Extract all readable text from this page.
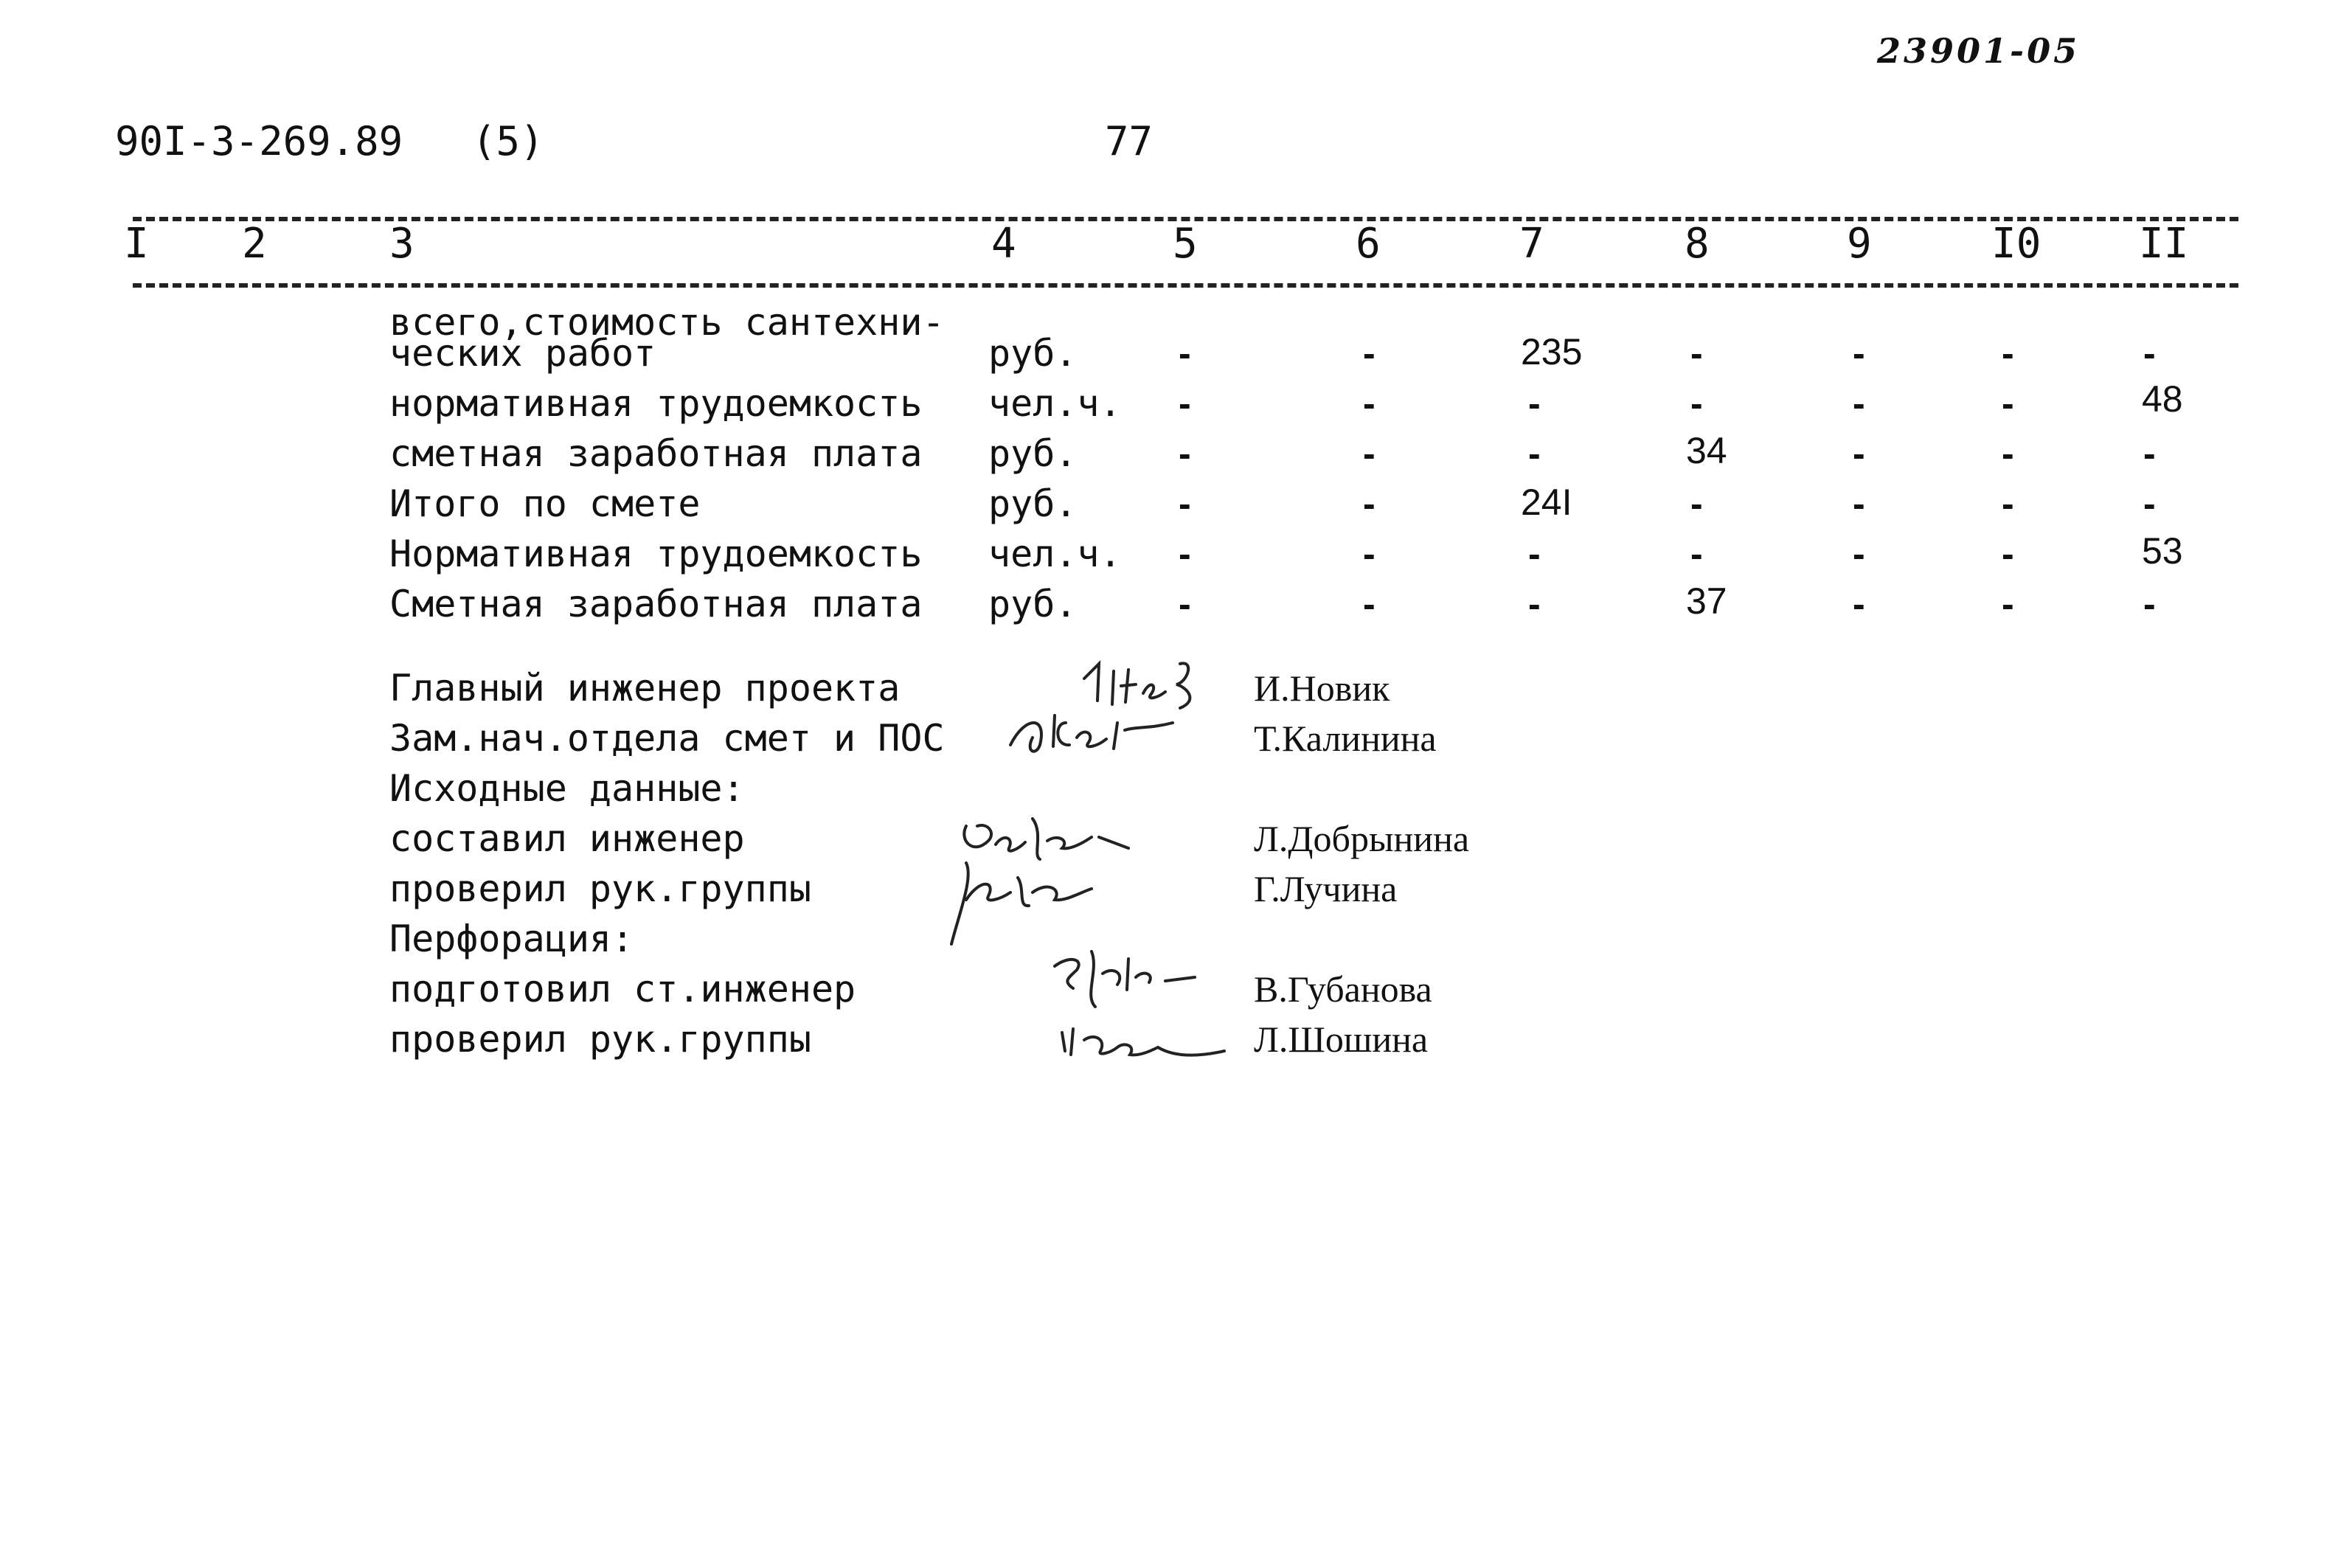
23901-05
90I-3-269.89 (5)	77
I 2	3	4	5	6	7	8	9	I0 II
всего,стоимость сантехни-
ческих работ	руб.	-	-	235	-	-	-	-
нормативная трудоемкость чел.ч. -	-	-	-	-	-	48
сметная заработная плата руб.	-	-	-	34	-	-	-
Итого по смете	руб.	-	-	24I	-	-	-	-
Нормативная трудоемкость чел.ч. -	-	-	-	-	-	53
Сметная заработная плата руб.	-	-	-	37	-	-	-
Главный инженер проекта	И.Новик
Зам.нач.отдела смет и ПОС	Т.Калинина
Исходные данные:
составил инженер	Л.Добрынина
проверил рук.группы	Г.Лучина
Перфорация:
подготовил ст.инженер	В.Губанова
проверил рук.группы	Л.Шошина
